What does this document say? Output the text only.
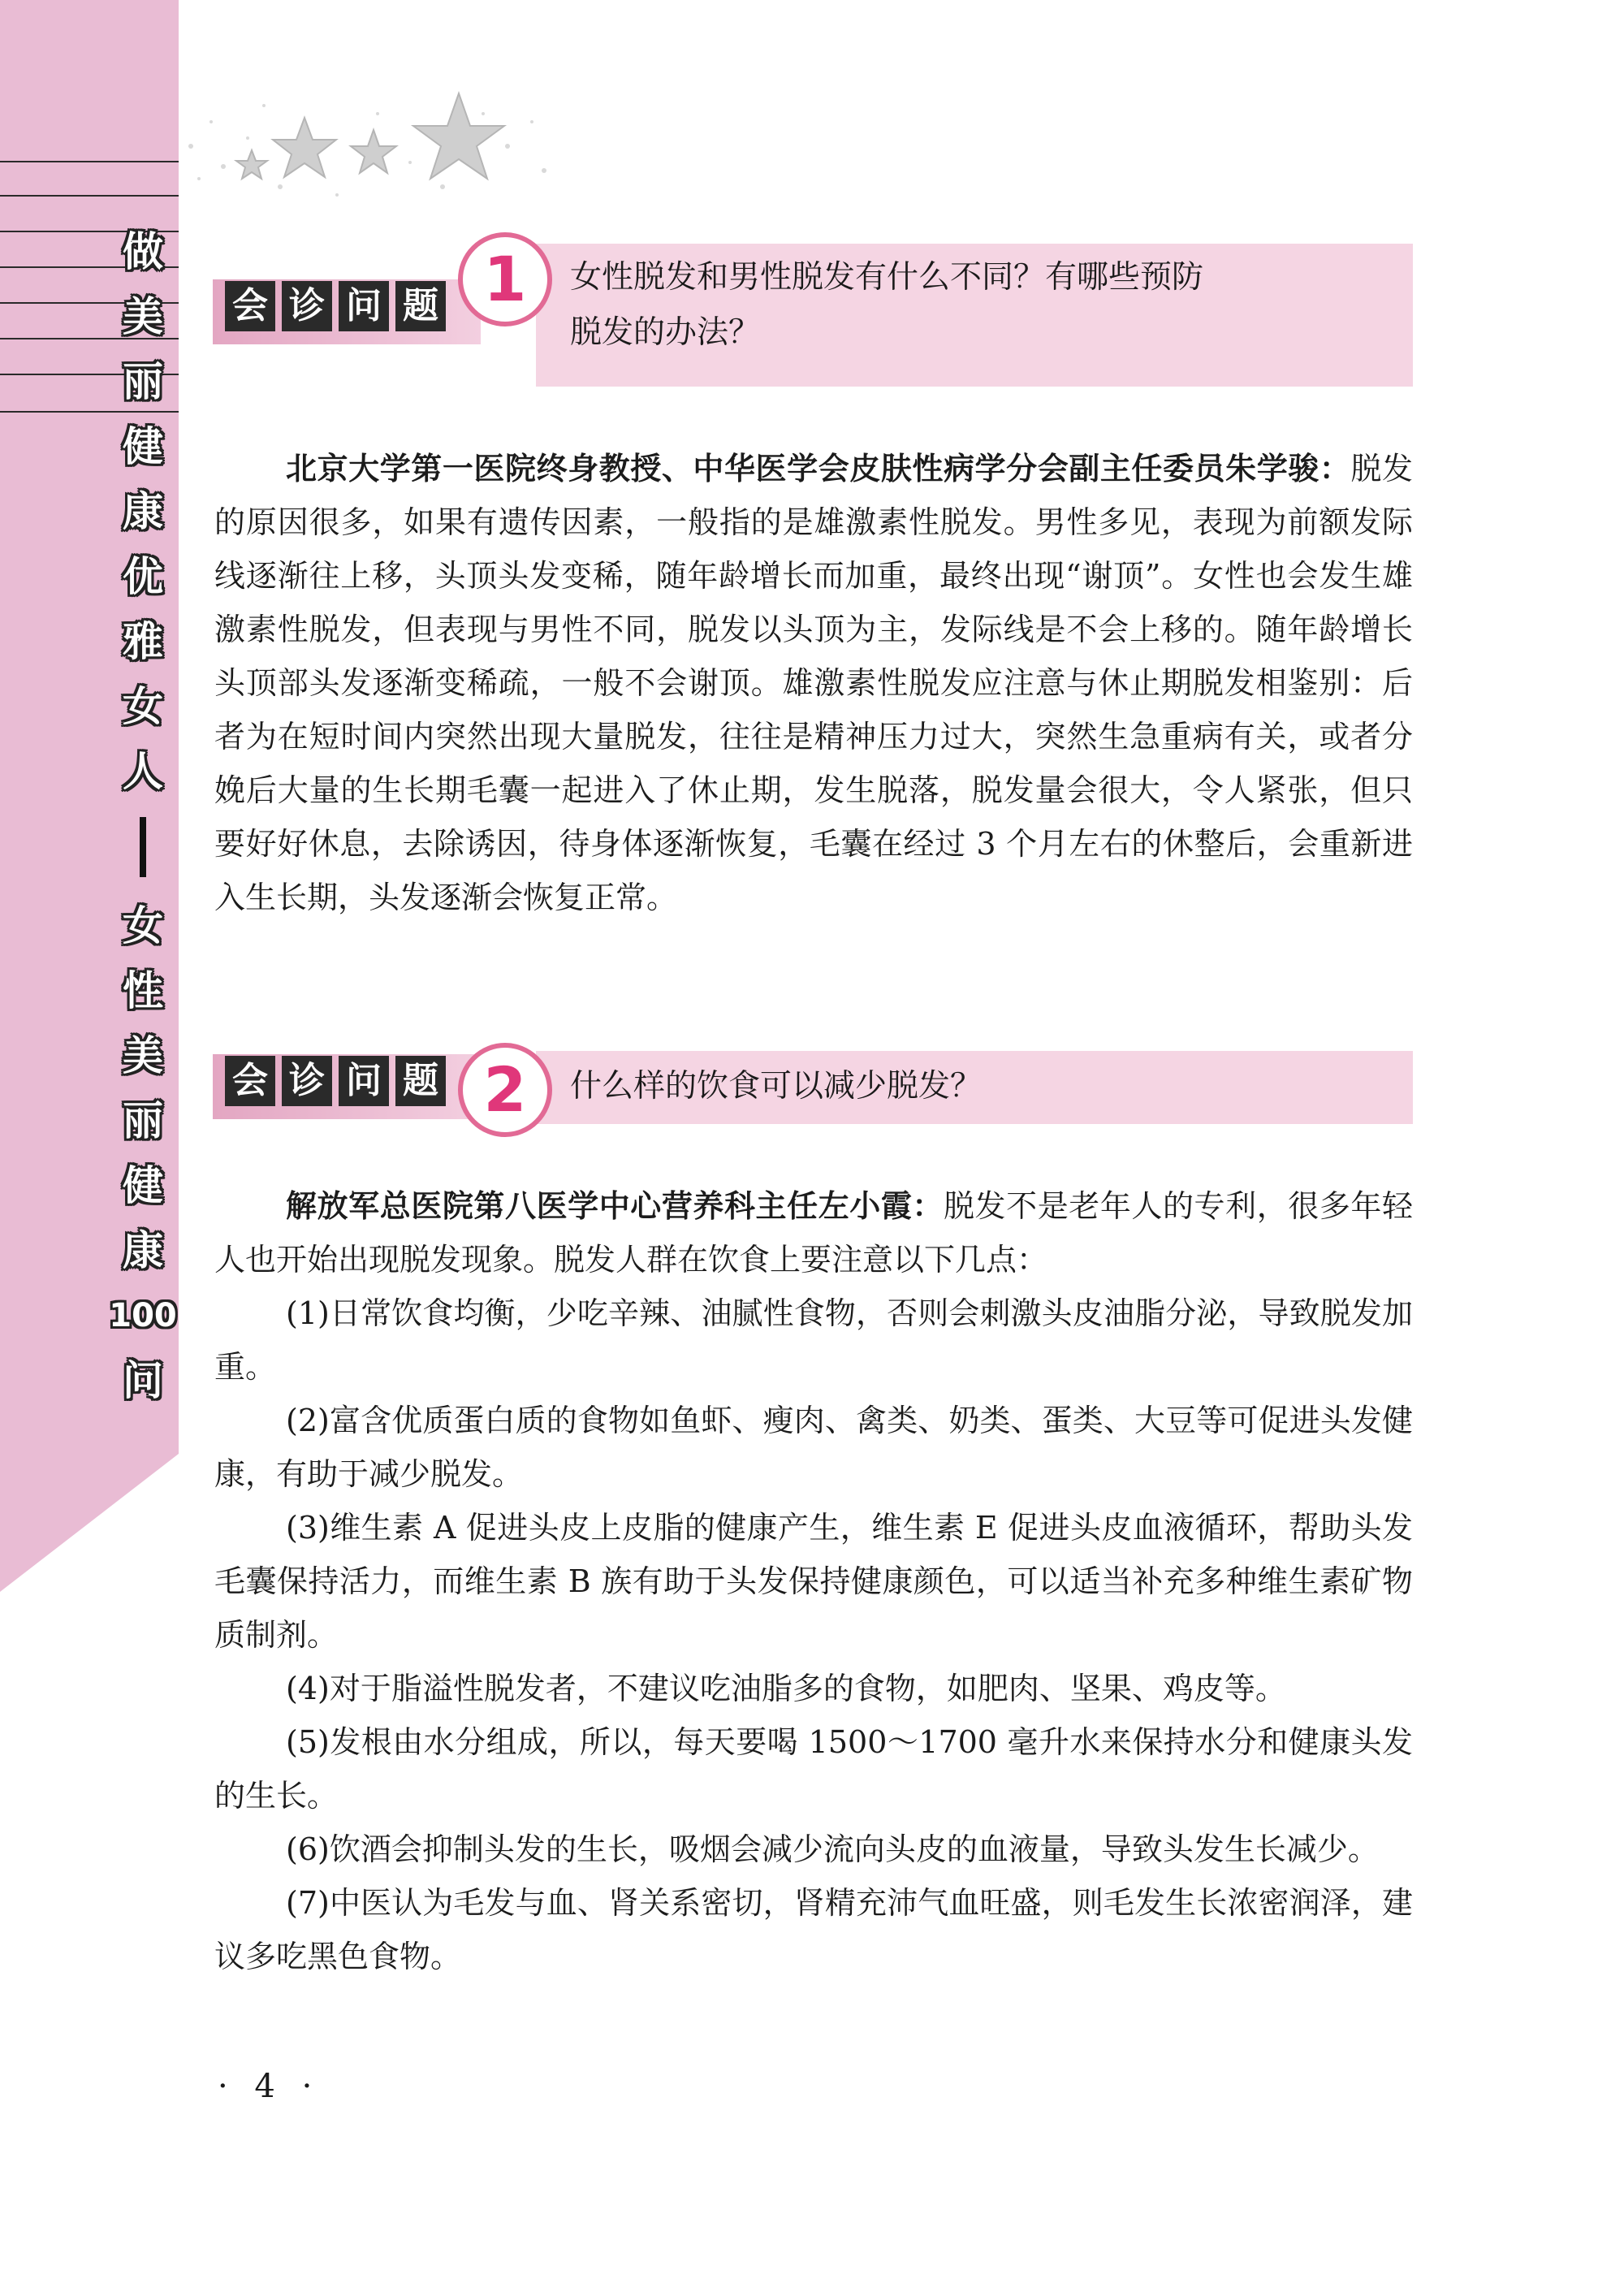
做
美
丽
健
康
优
雅
女
人
女
性
美
丽
健
康
100
问
会 诊 问 题
女性脱发和男性脱发有什么不同？有哪些预防
脱发的办法？
1

北京大学第一医院终身教授、中华医学会皮肤性病学分会副主任委员朱学骏：脱发的原因很多，如果有遗传因素，一般指的是雄激素性脱发。男性多见，表现为前额发际线逐渐往上移，头顶头发变稀，随年龄增长而加重，最终出现“谢顶”。女性也会发生雄激素性脱发，但表现与男性不同，脱发以头顶为主，发际线是不会上移的。随年龄增长头顶部头发逐渐变稀疏，一般不会谢顶。雄激素性脱发应注意与休止期脱发相鉴别：后者为在短时间内突然出现大量脱发，往往是精神压力过大，突然生急重病有关，或者分娩后大量的生长期毛囊一起进入了休止期，发生脱落，脱发量会很大，令人紧张，但只要好好休息，去除诱因，待身体逐渐恢复，毛囊在经过 3 个月左右的休整后，会重新进入生长期，头发逐渐会恢复正常。

会 诊 问 题	什么样的饮食可以减少脱发？
2

解放军总医院第八医学中心营养科主任左小霞：脱发不是老年人的专利，很多年轻人也开始出现脱发现象。脱发人群在饮食上要注意以下几点：

(1)日常饮食均衡，少吃辛辣、油腻性食物，否则会刺激头皮油脂分泌，导致脱发加重。

(2)富含优质蛋白质的食物如鱼虾、瘦肉、禽类、奶类、蛋类、大豆等可促进头发健康，有助于减少脱发。

(3)维生素 A 促进头皮上皮脂的健康产生，维生素 E 促进头皮血液循环，帮助头发毛囊保持活力，而维生素 B 族有助于头发保持健康颜色，可以适当补充多种维生素矿物质制剂。

(4)对于脂溢性脱发者，不建议吃油脂多的食物，如肥肉、坚果、鸡皮等。

(5)发根由水分组成，所以，每天要喝 1500～1700 毫升水来保持水分和健康头发的生长。

(6)饮酒会抑制头发的生长，吸烟会减少流向头皮的血液量，导致头发生长减少。

(7)中医认为毛发与血、肾关系密切，肾精充沛气血旺盛，则毛发生长浓密润泽，建议多吃黑色食物。

· 4 ·
